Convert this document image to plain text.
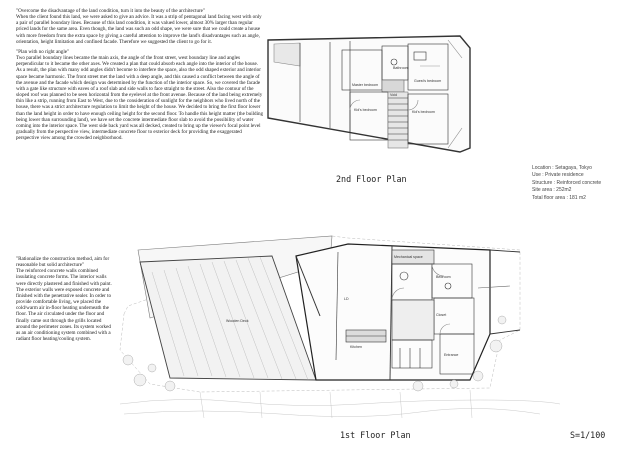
"Overcome the disadvantage of the land condition, turn it into the beauty of the architecture"
When the client found this land, we were asked to give an advice. It was a strip of pentagonal land facing west with only a pair of parallel boundary lines. Because of this land condition, it was valued lower, almost 30% larger than regular priced lands for the same area. Even though, the land was such an odd shape, we were sure that we could create a house with more freedom from the extra space by giving a careful attention to improve the land's disadvantages such as angle, orientation, height limitation and confined facade. Therefore we suggested the client to go for it.

"Plan with no right angle"
Two parallel boundary lines became the main axis, the angle of the front street, west boundary line and angles perpendicular to it became the other axes. We created a plan that could absorb each angle into the interior of the house. As a result, the plan with many odd angles didn't become to interfere the space, also the odd shaped exterior and interior space became harmonic. The front street met the land with a deep angle, and this caused a conflict between the angle of the avenue and the facade which design was determined by the function of the interior space. So, we covered the facade with a gate like structure with eaves of a roof slab and side walls to face straight to the street. Also the contour of the sloped roof was planned to be seen horizontal from the eyelevel at the front avenue. Because of the land being extremely thin like a strip, running from East to West, due to the consideration of sunlight for the neighbors who lived north of the house, there was a strict architecture regulation to limit the height of the house. We decided to bring the first floor lower than the land height in order to have enough ceiling height for the second floor. To handle this height matter (the building being lower than surrounding land), we have set the concrete intermediate floor slab to avoid the possibility of water coming into the interior space. The west side back yard was all decked, created to bring up the viewer's focal point level gradually from the perspective view, intermediate concrete floor to exterior deck for providing the exaggerated perspective view among the crowded neighborhood.

"Rationalize the construction method, aim for reasonable but solid architecture"
The reinforced concrete walls combined insulating concrete forms. The interior walls were directly plastered and finished with paint. The exterior walls were exposed concrete and finished with the penetrative sealer. In order to provide comfortable living, we placed the cold/warm air in-floor heating underneath the floor. The air circulated under the floor and finally came out through the grills located around the perimeter zones. Its system worked as an air conditioning system combined with a radiant floor heating/cooling system.
Location : Setagaya, Tokyo
Use : Private residence
Structure : Reinforced concrete
Site area : 252m2
Total floor area : 181 m2
2nd Floor Plan
1st Floor Plan	S=1/100
Bathroom
Master bedroom
Guest's bedroom
Kid's bedroom
Void
Kid's bedroom
Wooden Deck
LD
Bedroom
Mechanical space
Kitchen
Closet
Entrance
